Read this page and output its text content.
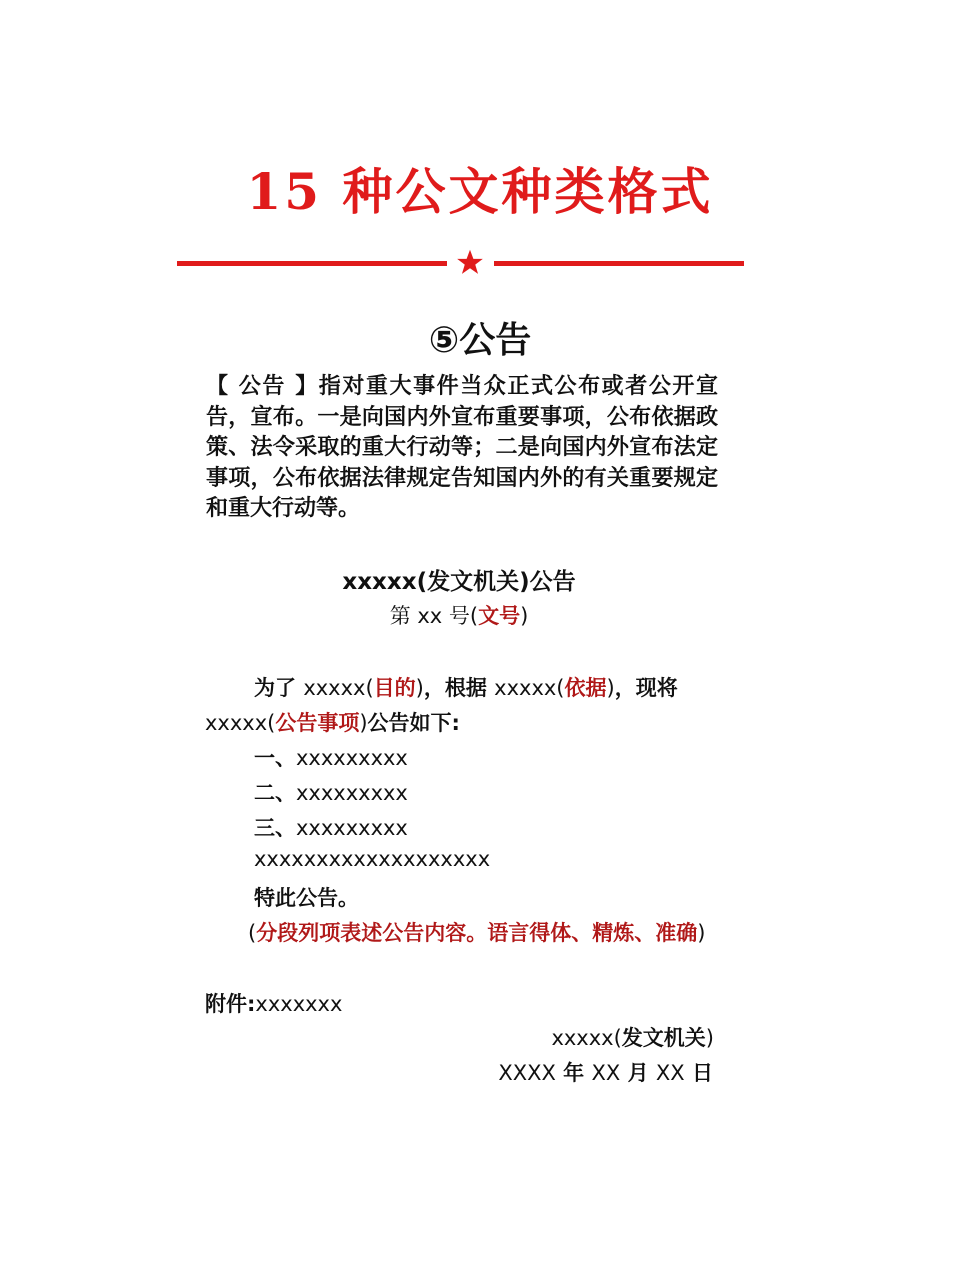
15 种公文种类格式
⑤公告
【 公告 】指对重大事件当众正式公布或者公开宣告，宣布。一是向国内外宣布重要事项，公布依据政策、法令采取的重大行动等；二是向国内外宣布法定事项，公布依据法律规定告知国内外的有关重要规定和重大行动等。
xxxxx(发文机关)公告
第 xx 号(文号)
为了 xxxxx(目的)，根据 xxxxx(依据)，现将
xxxxx(公告事项)公告如下:
一、xxxxxxxxx
二、xxxxxxxxx
三、xxxxxxxxx
xxxxxxxxxxxxxxxxxxx
特此公告。
(分段列项表述公告内容。语言得体、精炼、准确)
附件:xxxxxxx
xxxxx(发文机关)
XXXX 年 XX 月 XX 日
